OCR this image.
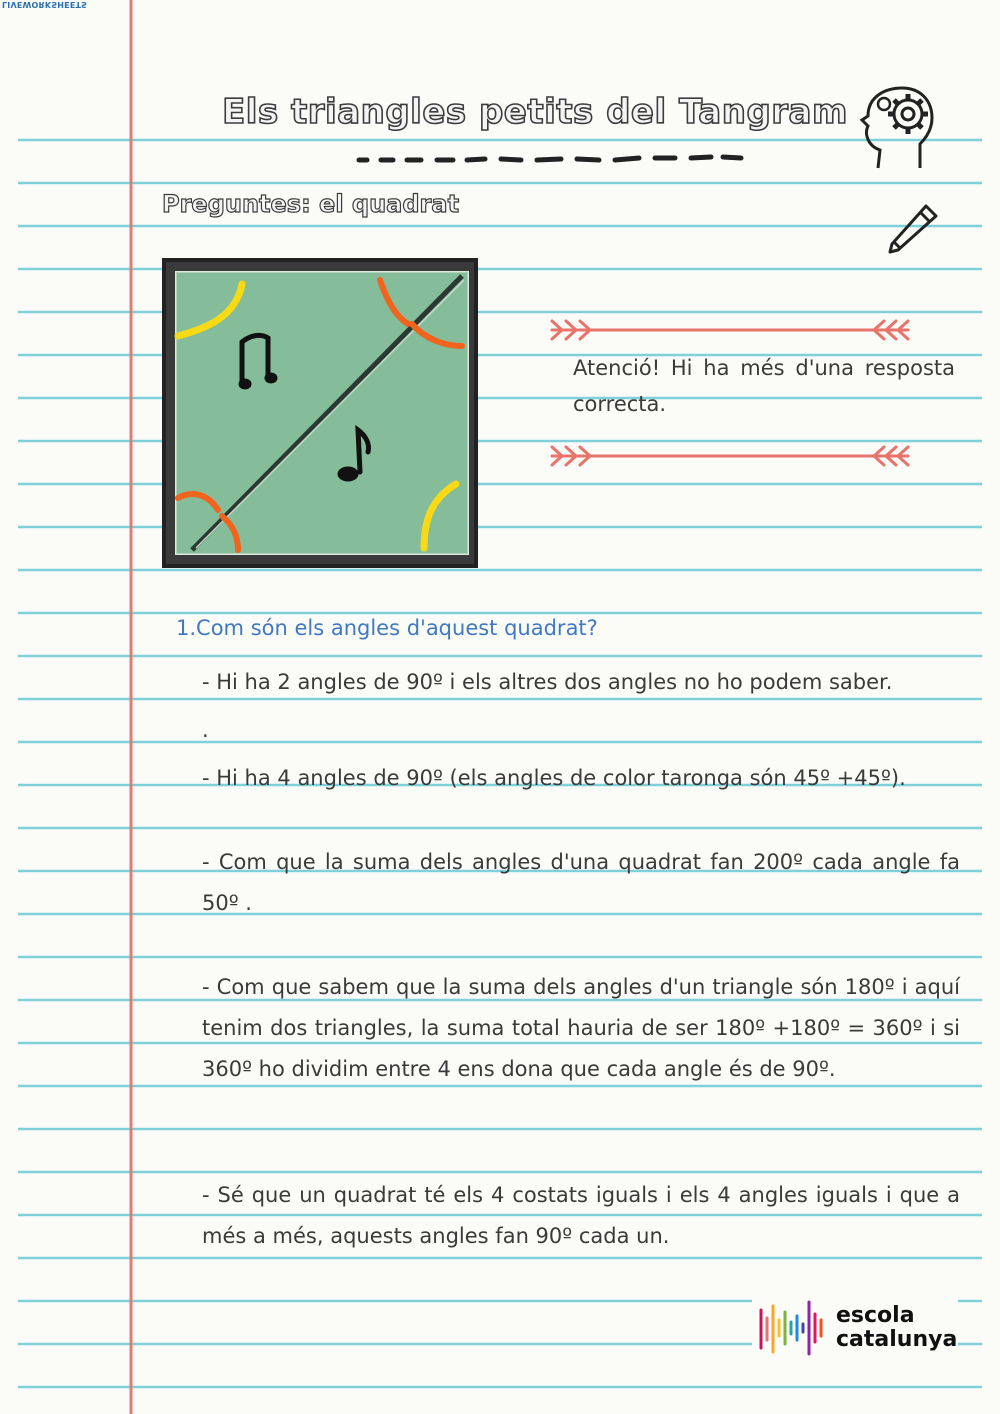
LIVEWORKSHEETS
Els triangles petits del Tangram
Preguntes: el quadrat
Atenció! Hi ha més d'una resposta correcta.
1.Com són els angles d'aquest quadrat?
- Hi ha 2 angles de 90º i els altres dos angles no ho podem saber.
.
- Hi ha 4 angles de 90º (els angles de color taronga són 45º +45º).
- Com que la suma dels angles d'una quadrat fan 200º cada angle fa 50º .
- Com que sabem que la suma dels angles d'un triangle són 180º i aquí tenim dos triangles, la suma total hauria de ser 180º +180º = 360º i si 360º ho dividim entre 4 ens dona que cada angle és de 90º.
- Sé que un quadrat té els 4 costats iguals i els 4 angles iguals i que a més a més, aquests angles fan 90º cada un.
escola
catalunya
